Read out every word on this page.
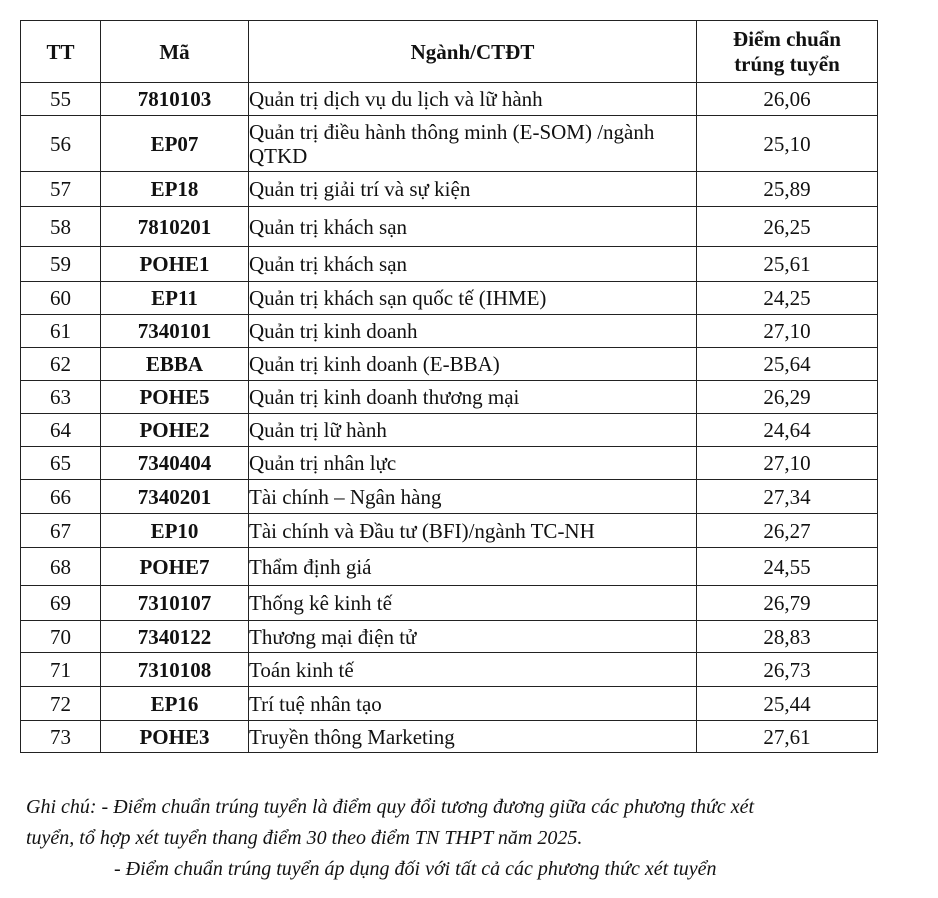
TT	Mã	Ngành/CTĐT	Điểm chuẩn
trúng tuyển
55	7810103	Quản trị dịch vụ du lịch và lữ hành	26,06
56	EP07	Quản trị điều hành thông minh (E-SOM) /ngành QTKD	25,10
57	EP18	Quản trị giải trí và sự kiện	25,89
58	7810201	Quản trị khách sạn	26,25
59	POHE1	Quản trị khách sạn	25,61
60	EP11	Quản trị khách sạn quốc tế (IHME)	24,25
61	7340101	Quản trị kinh doanh	27,10
62	EBBA	Quản trị kinh doanh (E-BBA)	25,64
63	POHE5	Quản trị kinh doanh thương mại	26,29
64	POHE2	Quản trị lữ hành	24,64
65	7340404	Quản trị nhân lực	27,10
66	7340201	Tài chính – Ngân hàng	27,34
67	EP10	Tài chính và Đầu tư (BFI)/ngành TC-NH	26,27
68	POHE7	Thẩm định giá	24,55
69	7310107	Thống kê kinh tế	26,79
70	7340122	Thương mại điện tử	28,83
71	7310108	Toán kinh tế	26,73
72	EP16	Trí tuệ nhân tạo	25,44
73	POHE3	Truyền thông Marketing	27,61

Ghi chú: - Điểm chuẩn trúng tuyển là điểm quy đổi tương đương giữa các phương thức xét

tuyển, tổ hợp xét tuyển thang điểm 30 theo điểm TN THPT năm 2025.

- Điểm chuẩn trúng tuyển áp dụng đối với tất cả các phương thức xét tuyển
